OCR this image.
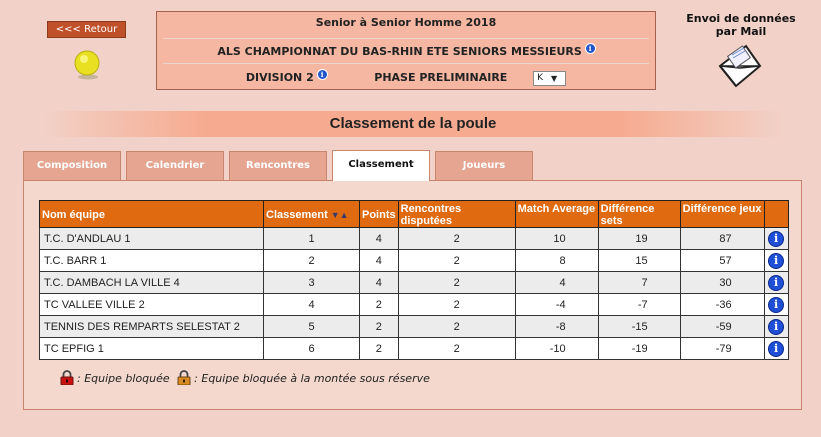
<<< Retour
Senior à Senior Homme 2018
ALS CHAMPIONNAT DU BAS-RHIN ETE SENIORS MESSIEURS i
DIVISION 2 i	PHASE PRELIMINAIRE	K ▼
Envoi de données
par Mail
Classement de la poule
Composition	Calendrier	Rencontres	Classement	Joueurs
Nom équipe	Classement ▼▲	Points	Rencontres disputées	Match Average	Différence sets	Différence jeux	
T.C. D'ANDLAU 1	1	4	2	10	19	87	i
T.C. BARR 1	2	4	2	8	15	57	i
T.C. DAMBACH LA VILLE 4	3	4	2	4	7	30	i
TC VALLEE VILLE 2	4	2	2	-4	-7	-36	i
TENNIS DES REMPARTS SELESTAT 2	5	2	2	-8	-15	-59	i
TC EPFIG 1	6	2	2	-10	-19	-79	i
: Equipe bloquée : Equipe bloquée à la montée sous réserve
